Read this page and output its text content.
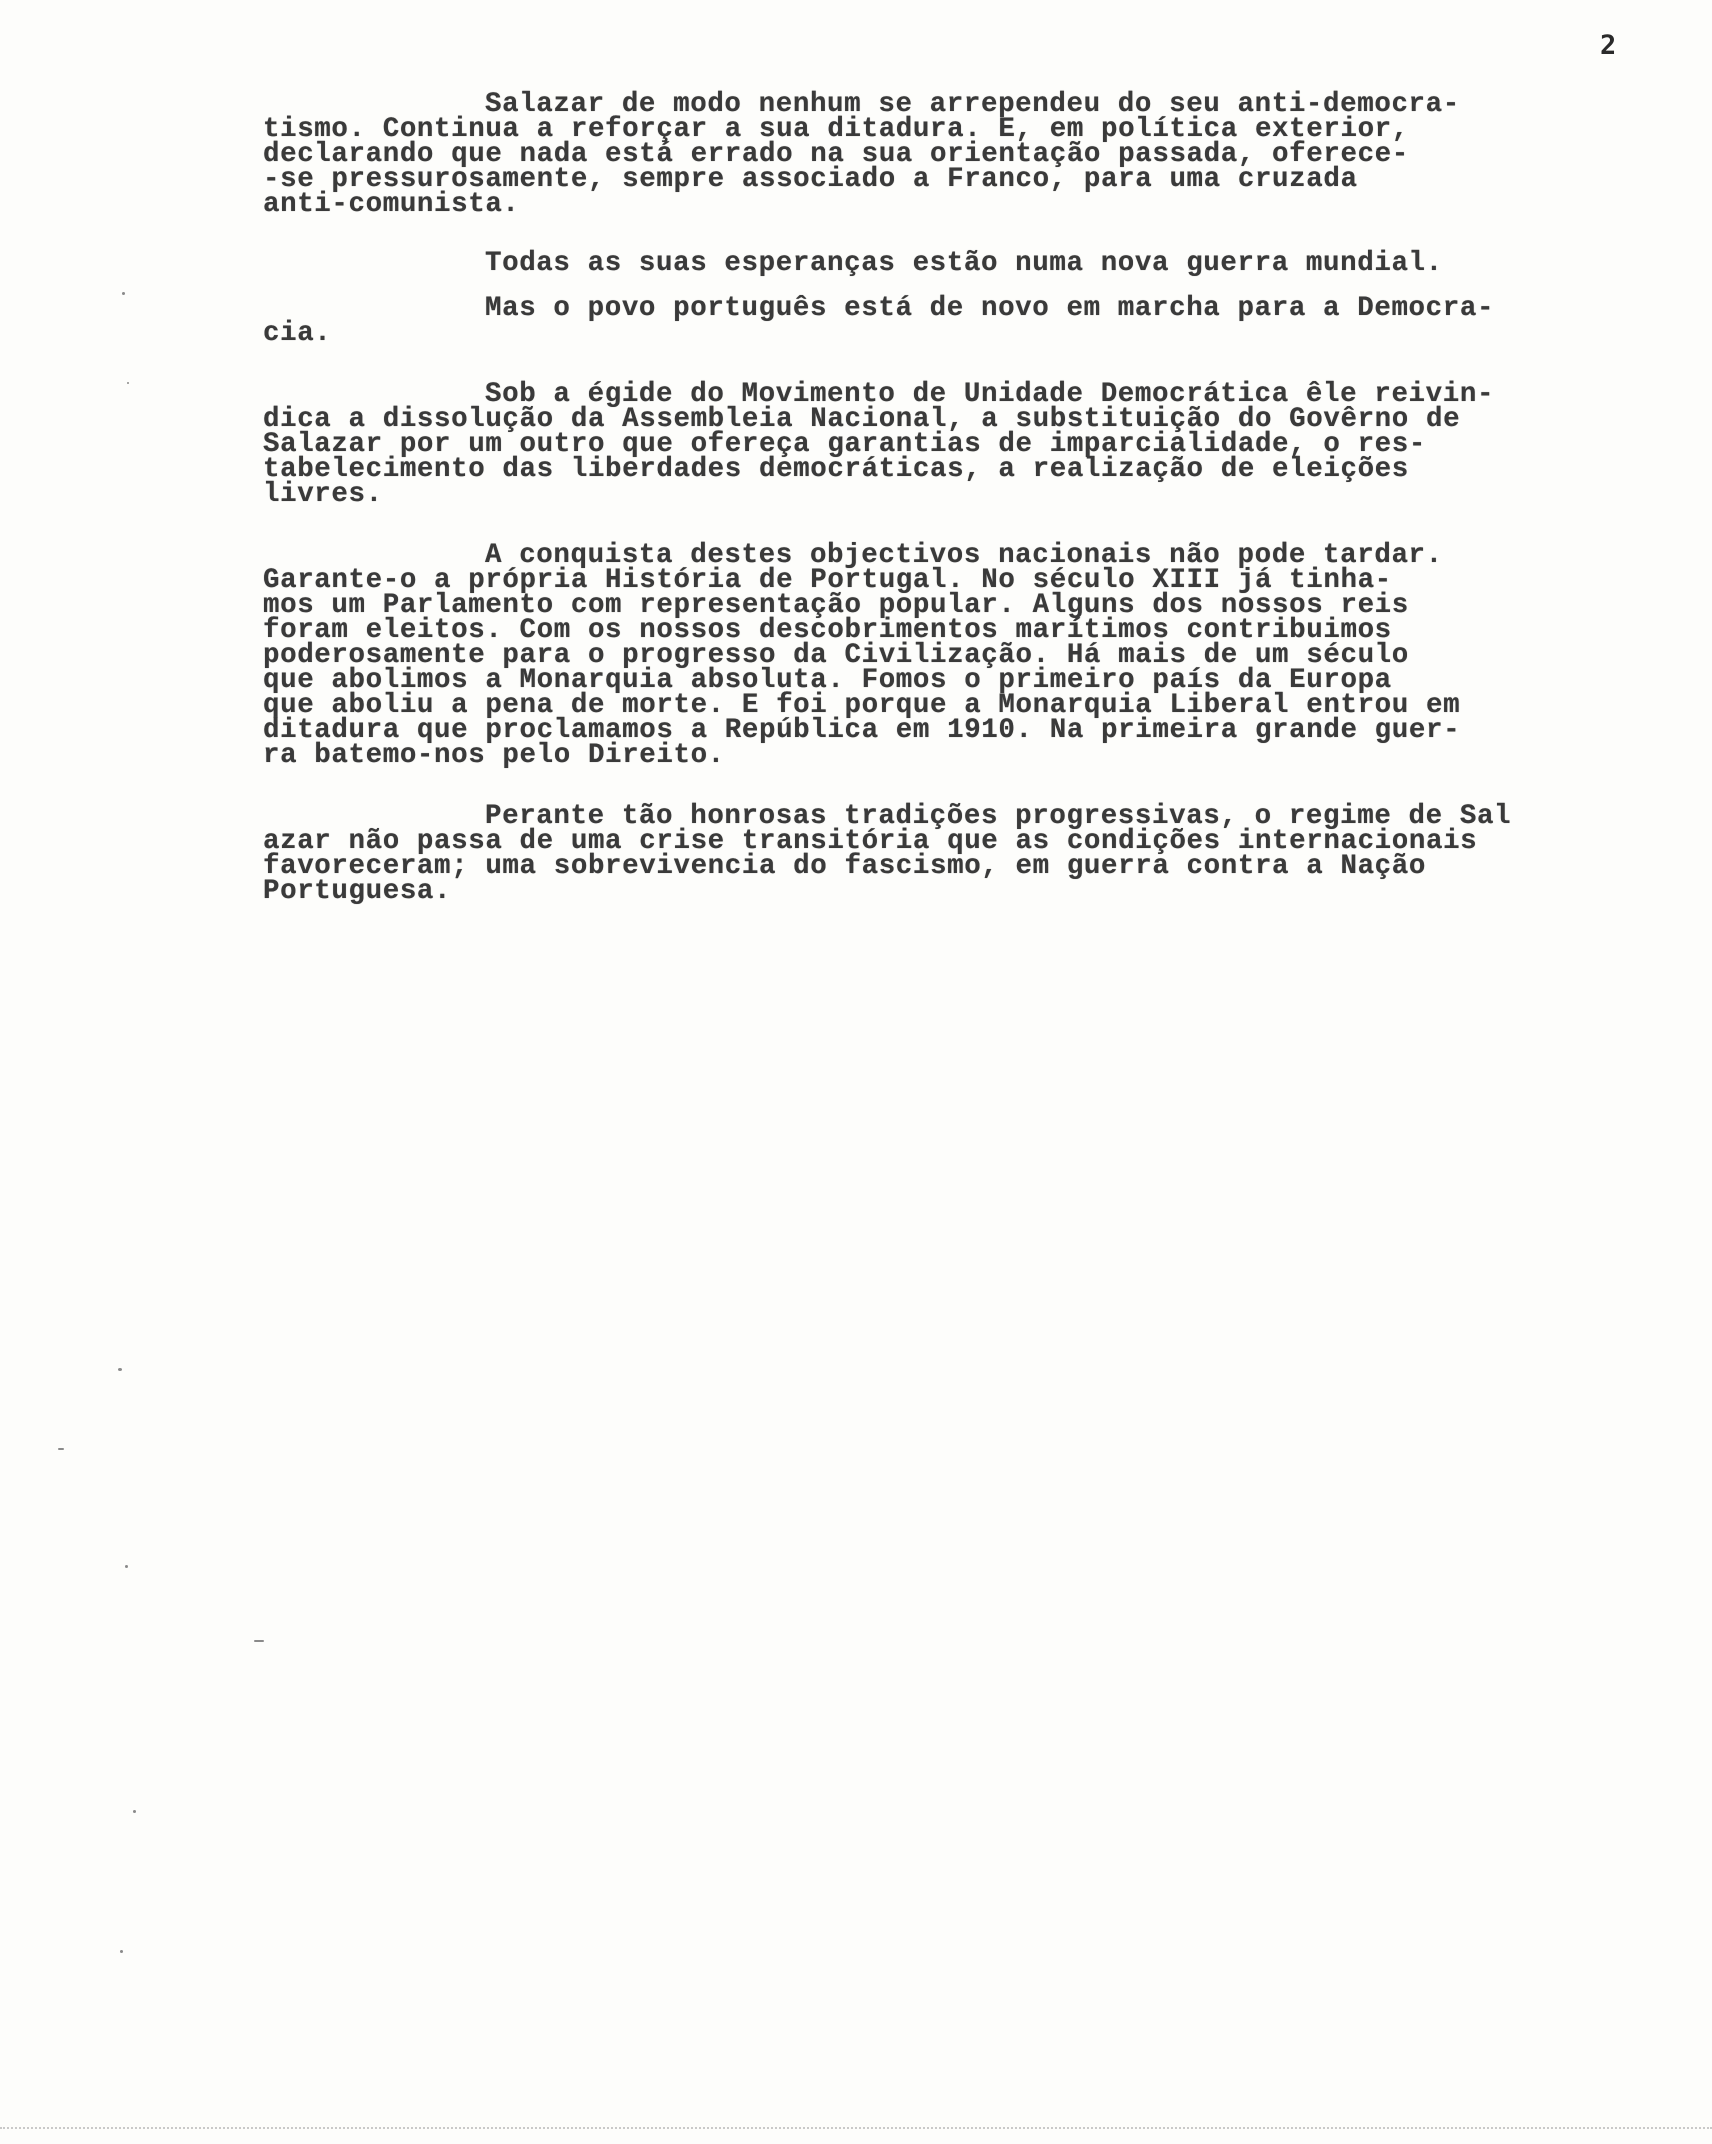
2
Salazar de modo nenhum se arrependeu do seu anti-democra-
tismo. Continua a reforçar a sua ditadura. E, em política exterior,
declarando que nada está errado na sua orientação passada, oferece-
-se pressurosamente, sempre associado a Franco, para uma cruzada
anti-comunista.
Todas as suas esperanças estão numa nova guerra mundial.
Mas o povo português está de novo em marcha para a Democra-
cia.
Sob a égide do Movimento de Unidade Democrática êle reivin-
dica a dissolução da Assembleia Nacional, a substituição do Govêrno de
Salazar por um outro que ofereça garantias de imparcialidade, o res-
tabelecimento das liberdades democráticas, a realização de eleições
livres.
A conquista destes objectivos nacionais não pode tardar.
Garante-o a própria História de Portugal. No século XIII já tinha-
mos um Parlamento com representação popular. Alguns dos nossos reis
foram eleitos. Com os nossos descobrimentos marítimos contribuimos
poderosamente para o progresso da Civilização. Há mais de um século
que abolimos a Monarquia absoluta. Fomos o primeiro país da Europa
que aboliu a pena de morte. E foi porque a Monarquia Liberal entrou em
ditadura que proclamamos a República em 1910. Na primeira grande guer-
ra batemo-nos pelo Direito.
Perante tão honrosas tradições progressivas, o regime de Sal
azar não passa de uma crise transitória que as condições internacionais
favoreceram; uma sobrevivencia do fascismo, em guerra contra a Nação
Portuguesa.
